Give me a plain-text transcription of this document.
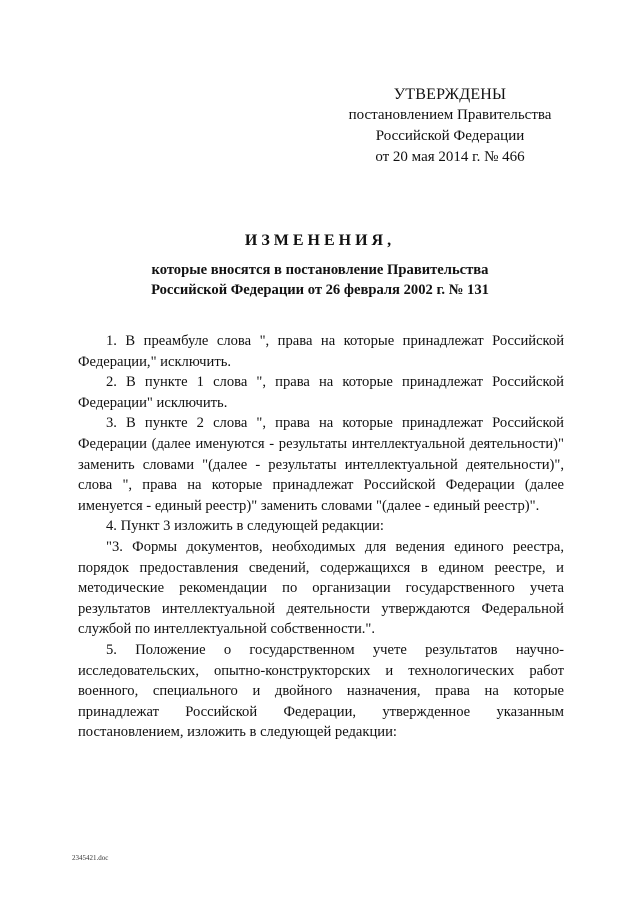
УТВЕРЖДЕНЫ
постановлением Правительства
Российской Федерации
от 20 мая 2014 г. № 466
ИЗМЕНЕНИЯ,
которые вносятся в постановление Правительства
Российской Федерации от 26 февраля 2002 г. № 131

1. В преамбуле слова ", права на которые принадлежат Российской Федерации," исключить.

2. В пункте 1 слова ", права на которые принадлежат Российской Федерации" исключить.

3. В пункте 2 слова ", права на которые принадлежат Российской Федерации (далее именуются - результаты интеллектуальной деятельности)" заменить словами "(далее - результаты интеллектуальной деятельности)", слова ", права на которые принадлежат Российской Федерации (далее именуется - единый реестр)" заменить словами "(далее - единый реестр)".

4. Пункт 3 изложить в следующей редакции:

"3. Формы документов, необходимых для ведения единого реестра, порядок предоставления сведений, содержащихся в едином реестре, и методические рекомендации по организации государственного учета результатов интеллектуальной деятельности утверждаются Федеральной службой по интеллектуальной собственности.".

5. Положение о государственном учете результатов научно-исследовательских, опытно-конструкторских и технологических работ военного, специального и двойного назначения, права на которые принадлежат Российской Федерации, утвержденное указанным постановлением, изложить в следующей редакции:

2345421.doc
